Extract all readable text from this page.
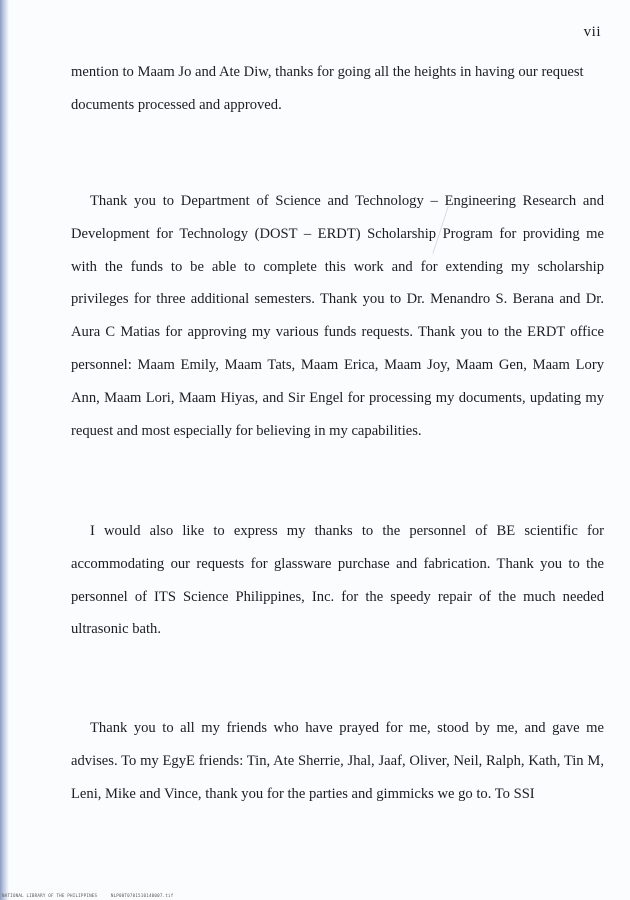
vii

mention to Maam Jo and Ate Diw, thanks for going all the heights in having our request documents processed and approved.

Thank you to Department of Science and Technology – Engineering Research and Development for Technology (DOST – ERDT) Scholarship Program for providing me with the funds to be able to complete this work and for extending my scholarship privileges for three additional semesters. Thank you to Dr. Menandro S. Berana and Dr. Aura C Matias for approving my various funds requests. Thank you to the ERDT office personnel: Maam Emily, Maam Tats, Maam Erica, Maam Joy, Maam Gen, Maam Lory Ann, Maam Lori, Maam Hiyas, and Sir Engel for processing my documents, updating my request and most especially for believing in my capabilities.

I would also like to express my thanks to the personnel of BE scientific for accommodating our requests for glassware purchase and fabrication. Thank you to the personnel of ITS Science Philippines, Inc. for the speedy repair of the much needed ultrasonic bath.

Thank you to all my friends who have prayed for me, stood by me, and gave me advises. To my EgyE friends: Tin, Ate Sherrie, Jhal, Jaaf, Oliver, Neil, Ralph, Kath, Tin M, Leni, Mike and Vince, thank you for the parties and gimmicks we go to. To SSI

NATIONAL LIBRARY OF THE PHILIPPINES     NLP08T0701510140007.tif
